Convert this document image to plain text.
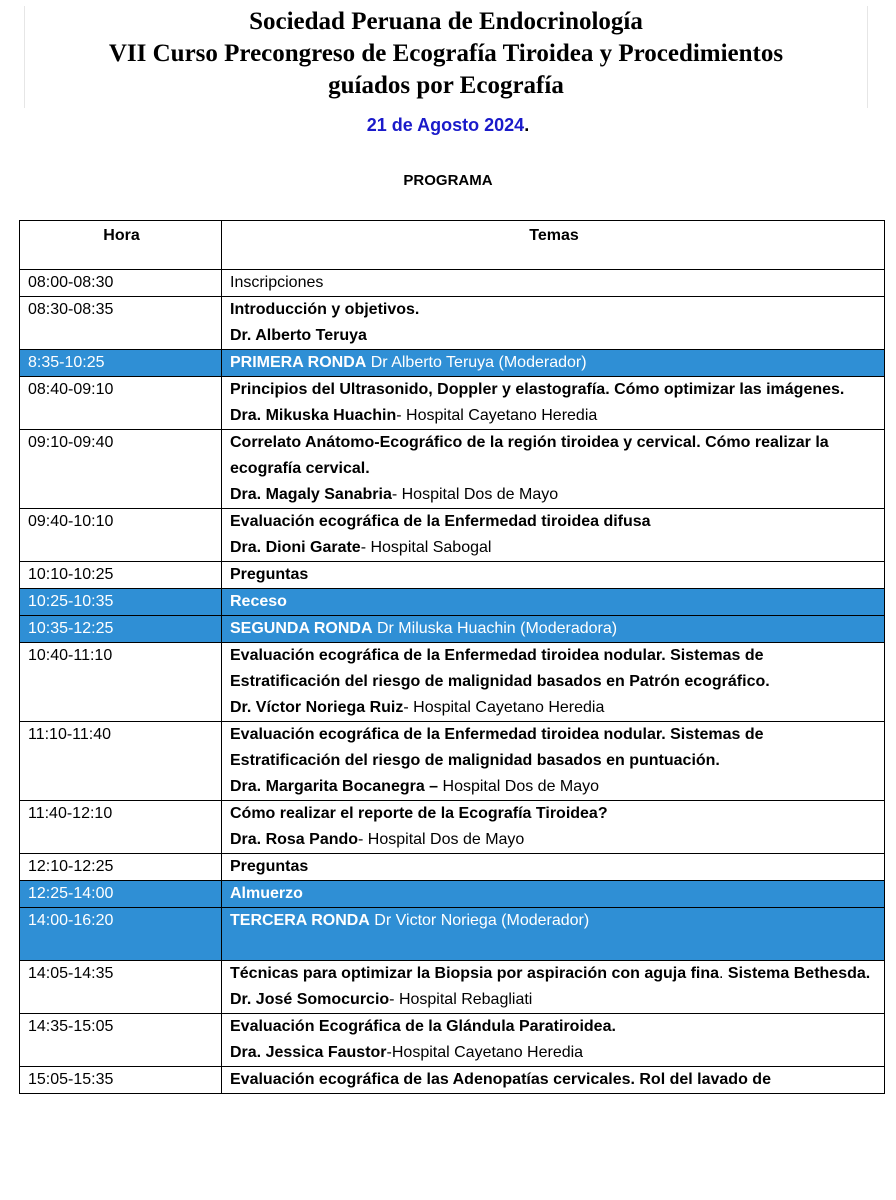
Sociedad Peruana de Endocrinología

VII Curso Precongreso de Ecografía Tiroidea y Procedimientos

guíados por Ecografía

21 de Agosto 2024.
PROGRAMA
Hora	Temas
08:00-08:30	Inscripciones
08:30-08:35	Introducción y objetivos.
Dr. Alberto Teruya

8:35-10:25	PRIMERA RONDA Dr Alberto Teruya (Moderador)
08:40-09:10	Principios del Ultrasonido, Doppler y elastografía. Cómo optimizar las imágenes.
Dra. Mikuska Huachin- Hospital Cayetano Heredia

09:10-09:40	Correlato Anátomo-Ecográfico de la región tiroidea y cervical. Cómo realizar la ecografía cervical.
Dra. Magaly Sanabria- Hospital Dos de Mayo

09:40-10:10	Evaluación ecográfica de la Enfermedad tiroidea difusa
Dra. Dioni Garate- Hospital Sabogal

10:10-10:25	Preguntas

10:25-10:35	Receso
10:35-12:25	SEGUNDA RONDA Dr Miluska Huachin (Moderadora)
10:40-11:10	Evaluación ecográfica de la Enfermedad tiroidea nodular. Sistemas de Estratificación del riesgo de malignidad basados en Patrón ecográfico.
Dr. Víctor Noriega Ruiz- Hospital Cayetano Heredia

11:10-11:40	Evaluación ecográfica de la Enfermedad tiroidea nodular. Sistemas de Estratificación del riesgo de malignidad basados en puntuación.
Dra. Margarita Bocanegra – Hospital Dos de Mayo

11:40-12:10	Cómo realizar el reporte de la Ecografía Tiroidea?
Dra. Rosa Pando- Hospital Dos de Mayo

12:10-12:25	Preguntas

12:25-14:00	Almuerzo
14:00-16:20	TERCERA RONDA Dr Victor Noriega (Moderador)
14:05-14:35	Técnicas para optimizar la Biopsia por aspiración con aguja fina. Sistema Bethesda.
Dr. José Somocurcio- Hospital Rebagliati

14:35-15:05	Evaluación Ecográfica de la Glándula Paratiroidea.
Dra. Jessica Faustor-Hospital Cayetano Heredia

15:05-15:35	Evaluación ecográfica de las Adenopatías cervicales. Rol del lavado de
